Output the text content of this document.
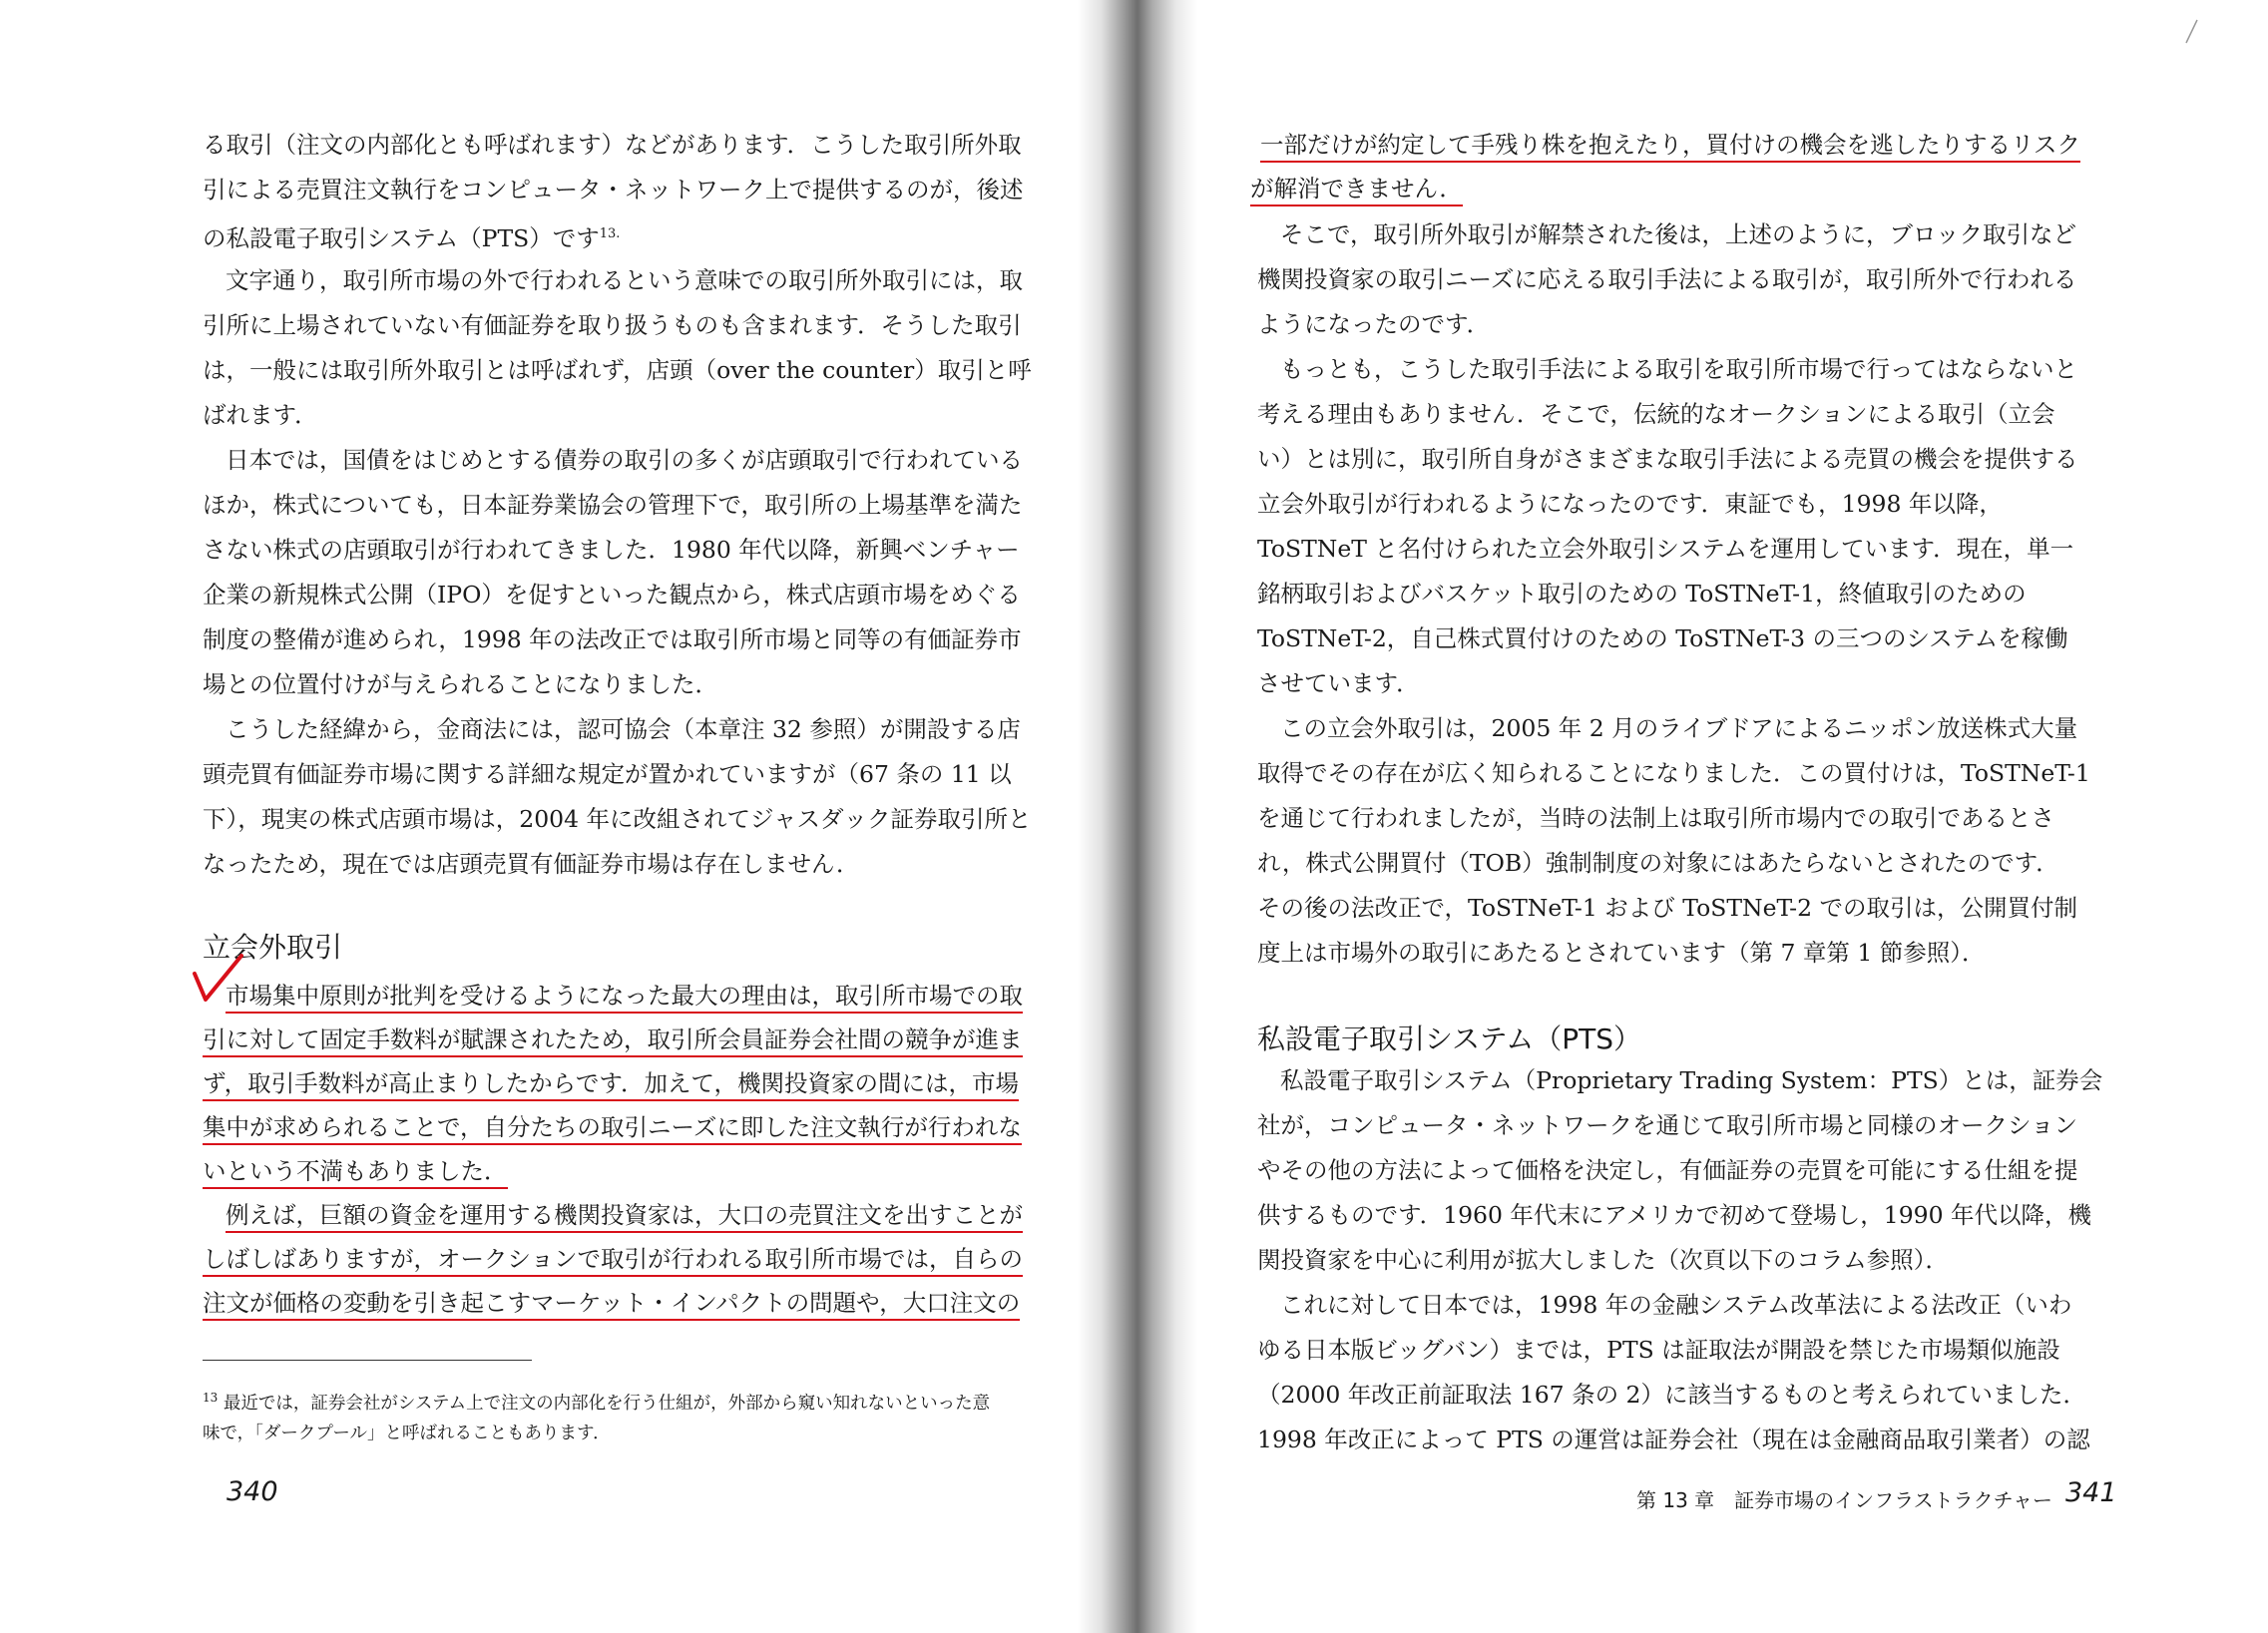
る取引（注文の内部化とも呼ばれます）などがあります．こうした取引所外取
引による売買注文執行をコンピュータ・ネットワーク上で提供するのが，後述
の私設電子取引システム（PTS）です$^{13.}$
文字通り，取引所市場の外で行われるという意味での取引所外取引には，取
引所に上場されていない有価証券を取り扱うものも含まれます．そうした取引
は，一般には取引所外取引とは呼ばれず，店頭（over the counter）取引と呼
ばれます．
日本では，国債をはじめとする債券の取引の多くが店頭取引で行われている
ほか，株式についても，日本証券業協会の管理下で，取引所の上場基準を満た
さない株式の店頭取引が行われてきました．1980 年代以降，新興ベンチャー
企業の新規株式公開（IPO）を促すといった観点から，株式店頭市場をめぐる
制度の整備が進められ，1998 年の法改正では取引所市場と同等の有価証券市
場との位置付けが与えられることになりました．
こうした経緯から，金商法には，認可協会（本章注 32 参照）が開設する店
頭売買有価証券市場に関する詳細な規定が置かれていますが（67 条の 11 以
下），現実の株式店頭市場は，2004 年に改組されてジャスダック証券取引所と
なったため，現在では店頭売買有価証券市場は存在しません．
立会外取引
市場集中原則が批判を受けるようになった最大の理由は，取引所市場での取
引に対して固定手数料が賦課されたため，取引所会員証券会社間の競争が進ま
ず，取引手数料が高止まりしたからです．加えて，機関投資家の間には，市場
集中が求められることで，自分たちの取引ニーズに即した注文執行が行われな
いという不満もありました．
例えば，巨額の資金を運用する機関投資家は，大口の売買注文を出すことが
しばしばありますが，オークションで取引が行われる取引所市場では，自らの
注文が価格の変動を引き起こすマーケット・インパクトの問題や，大口注文の
$^{13}$ 最近では，証券会社がシステム上で注文の内部化を行う仕組が，外部から窺い知れないといった意
味で，「ダークプール」と呼ばれることもあります．
340
一部だけが約定して手残り株を抱えたり，買付けの機会を逃したりするリスク
が解消できません．
そこで，取引所外取引が解禁された後は，上述のように，ブロック取引など
機関投資家の取引ニーズに応える取引手法による取引が，取引所外で行われる
ようになったのです．
もっとも，こうした取引手法による取引を取引所市場で行ってはならないと
考える理由もありません．そこで，伝統的なオークションによる取引（立会
い）とは別に，取引所自身がさまざまな取引手法による売買の機会を提供する
立会外取引が行われるようになったのです．東証でも，1998 年以降，
ToSTNeT と名付けられた立会外取引システムを運用しています．現在，単一
銘柄取引およびバスケット取引のための ToSTNeT-1，終値取引のための
ToSTNeT-2，自己株式買付けのための ToSTNeT-3 の三つのシステムを稼働
させています．
この立会外取引は，2005 年 2 月のライブドアによるニッポン放送株式大量
取得でその存在が広く知られることになりました．この買付けは，ToSTNeT-1
を通じて行われましたが，当時の法制上は取引所市場内での取引であるとさ
れ，株式公開買付（TOB）強制制度の対象にはあたらないとされたのです．
その後の法改正で，ToSTNeT-1 および ToSTNeT-2 での取引は，公開買付制
度上は市場外の取引にあたるとされています（第 7 章第 1 節参照）．
私設電子取引システム（PTS）
私設電子取引システム（Proprietary Trading System：PTS）とは，証券会
社が，コンピュータ・ネットワークを通じて取引所市場と同様のオークション
やその他の方法によって価格を決定し，有価証券の売買を可能にする仕組を提
供するものです．1960 年代末にアメリカで初めて登場し，1990 年代以降，機
関投資家を中心に利用が拡大しました（次頁以下のコラム参照）．
これに対して日本では，1998 年の金融システム改革法による法改正（いわ
ゆる日本版ビッグバン）までは，PTS は証取法が開設を禁じた市場類似施設
（2000 年改正前証取法 167 条の 2）に該当するものと考えられていました．
1998 年改正によって PTS の運営は証券会社（現在は金融商品取引業者）の認
第 13 章　証券市場のインフラストラクチャー 341
